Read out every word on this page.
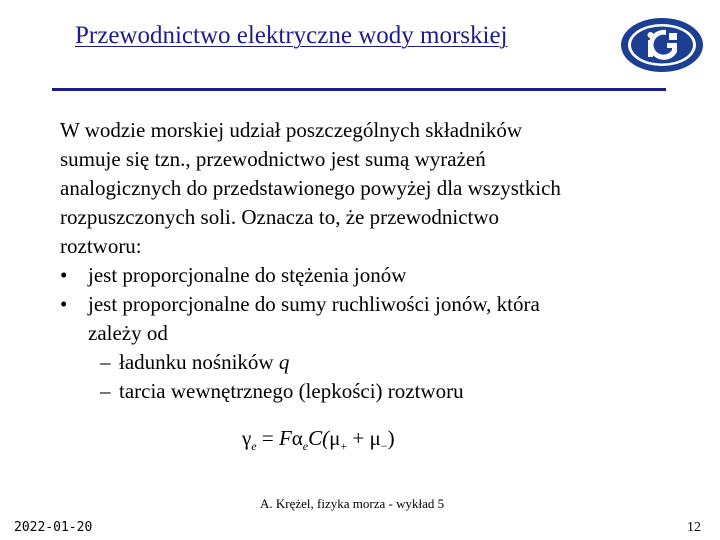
Przewodnictwo elektryczne wody morskiej
W wodzie morskiej udział poszczególnych składników
sumuje się tzn., przewodnictwo jest sumą wyrażeń
analogicznych do przedstawionego powyżej dla wszystkich
rozpuszczonych soli. Oznacza to, że przewodnictwo
roztworu:
• jest proporcjonalne do stężenia jonów
• jest proporcjonalne do sumy ruchliwości jonów, która
zależy od
– ładunku nośników q
– tarcia wewnętrznego (lepkości) roztworu
$\gamma_e = F\alpha_eC(\mu_+ + \mu_-)$
A. Krężel, fizyka morza - wykład 5
2022-01-20	12
